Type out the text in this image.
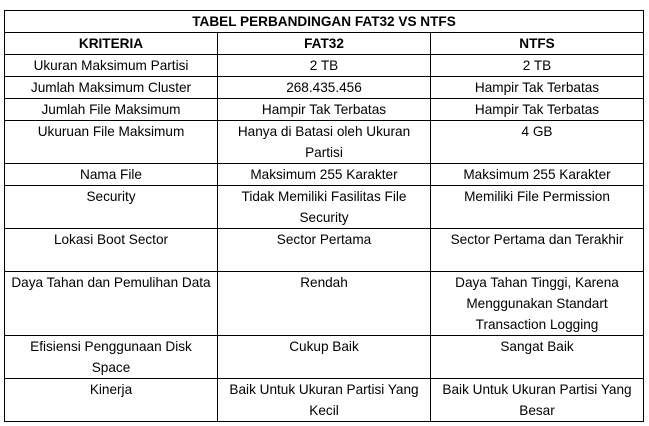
TABEL PERBANDINGAN FAT32 VS NTFS		
KRITERIA	FAT32	NTFS
Ukuran Maksimum Partisi	2 TB	2 TB
Jumlah Maksimum Cluster	268.435.456	Hampir Tak Terbatas
Jumlah File Maksimum	Hampir Tak Terbatas	Hampir Tak Terbatas
Ukuruan File Maksimum	Hanya di Batasi oleh Ukuran Partisi	4 GB
Nama File	Maksimum 255 Karakter	Maksimum 255 Karakter
Security	Tidak Memiliki Fasilitas File Security	Memiliki File Permission
Lokasi Boot Sector	Sector Pertama	Sector Pertama dan Terakhir
Daya Tahan dan Pemulihan Data	Rendah	Daya Tahan Tinggi, Karena Menggunakan Standart Transaction Logging
Efisiensi Penggunaan Disk Space	Cukup Baik	Sangat Baik
Kinerja	Baik Untuk Ukuran Partisi Yang Kecil	Baik Untuk Ukuran Partisi Yang Besar
